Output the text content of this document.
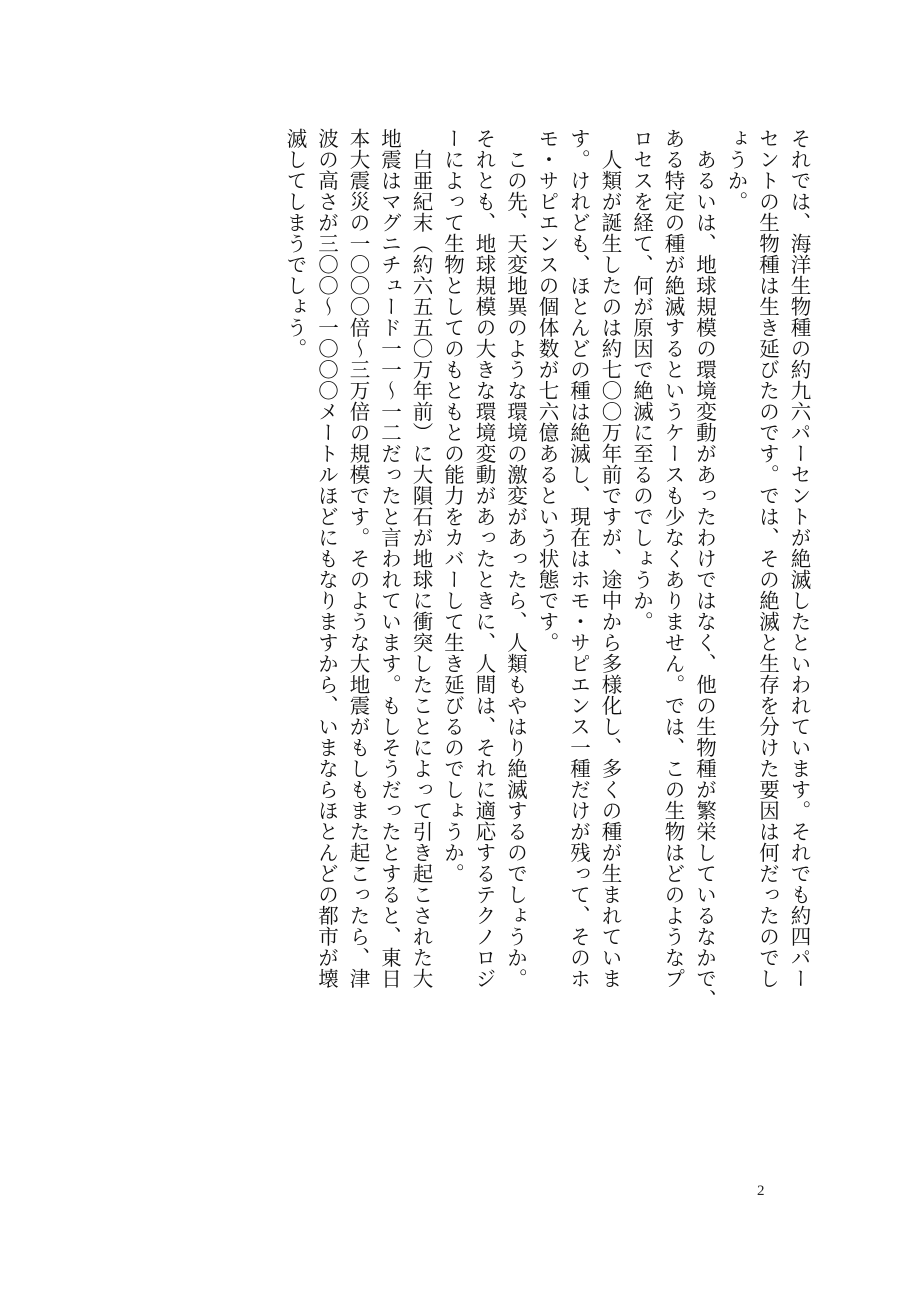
それでは、海洋生物種の約九六パーセントが絶滅したといわれています。それでも約四パー
セントの生物種は生き延びたのです。では、その絶滅と生存を分けた要因は何だったのでし
ょうか。
　あるいは、地球規模の環境変動があったわけではなく、他の生物種が繁栄しているなかで、
ある特定の種が絶滅するというケースも少なくありません。では、この生物はどのようなプ
ロセスを経て、何が原因で絶滅に至るのでしょうか。
　人類が誕生したのは約七〇〇万年前ですが、途中から多様化し、多くの種が生まれていま
す。けれども、ほとんどの種は絶滅し、現在はホモ・サピエンス一種だけが残って、そのホ
モ・サピエンスの個体数が七六億あるという状態です。
　この先、天変地異のような環境の激変があったら、人類もやはり絶滅するのでしょうか。
それとも、地球規模の大きな環境変動があったときに、人間は、それに適応するテクノロジ
ーによって生物としてのもともとの能力をカバーして生き延びるのでしょうか。
　白亜紀末（約六五五〇万年前）に大隕石が地球に衝突したことによって引き起こされた大
地震はマグニチュード一一～一二だったと言われています。もしそうだったとすると、東日
本大震災の一〇〇〇倍～三万倍の規模です。そのような大地震がもしもまた起こったら、津
波の高さが三〇〇～一〇〇〇メートルほどにもなりますから、いまならほとんどの都市が壊
滅してしまうでしょう。
2
